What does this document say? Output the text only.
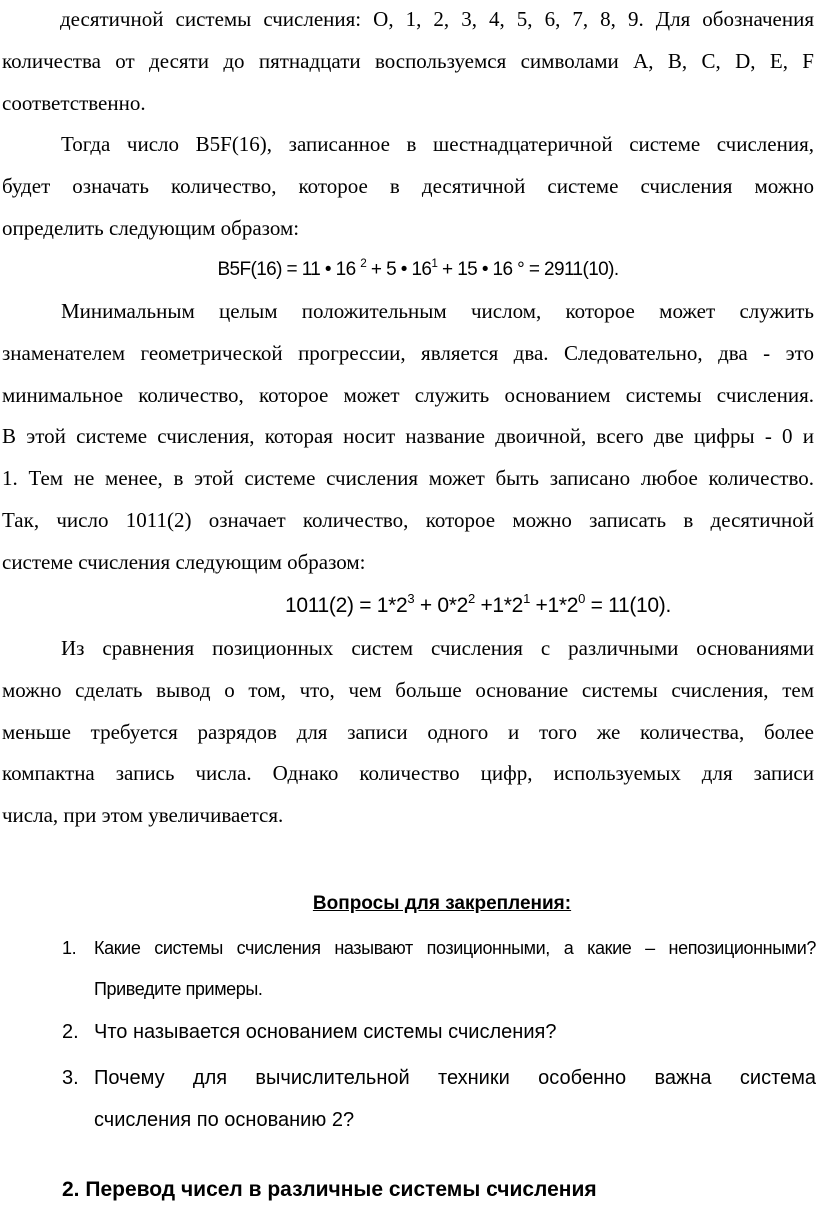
десятичной системы счисления: O, 1, 2, 3, 4, 5, 6, 7, 8, 9. Для обозначения
количества от десяти до пятнадцати воспользуемся символами A, B, C, D, E, F
соответственно.
Тогда число B5F(16), записанное в шестнадцатеричной системе счисления,
будет означать количество, которое в десятичной системе счисления можно
определить следующим образом:
B5F(16) = 11 • 16 $^2$ + 5 • $16^1 + 15$ • 16 ° = 2911(10).
Минимальным целым положительным числом, которое может служить
знаменателем геометрической прогрессии, является два. Следовательно, два - это
минимальное количество, которое может служить основанием системы счисления.
В этой системе счисления, которая носит название двоичной, всего две цифры - 0 и
1. Тем не менее, в этой системе счисления может быть записано любое количество.
Так, число 1011(2) означает количество, которое можно записать в десятичной
системе счисления следующим образом:
$1011(2) = 1*2^3 + 0*2^2 +1*2^1 +1*2^0 = 11(10)$.
Из сравнения позиционных систем счисления с различными основаниями
можно сделать вывод о том, что, чем больше основание системы счисления, тем
меньше требуется разрядов для записи одного и того же количества, более
компактна запись числа. Однако количество цифр, используемых для записи
числа, при этом увеличивается.

Вопросы для закрепления:

1. Какие системы счисления называют позиционными, а какие – непозиционными?
Приведите примеры.
2. Что называется основанием системы счисления?
3. Почему для вычислительной техники особенно важна система
счисления по основанию 2?

2. Перевод чисел в различные системы счисления
